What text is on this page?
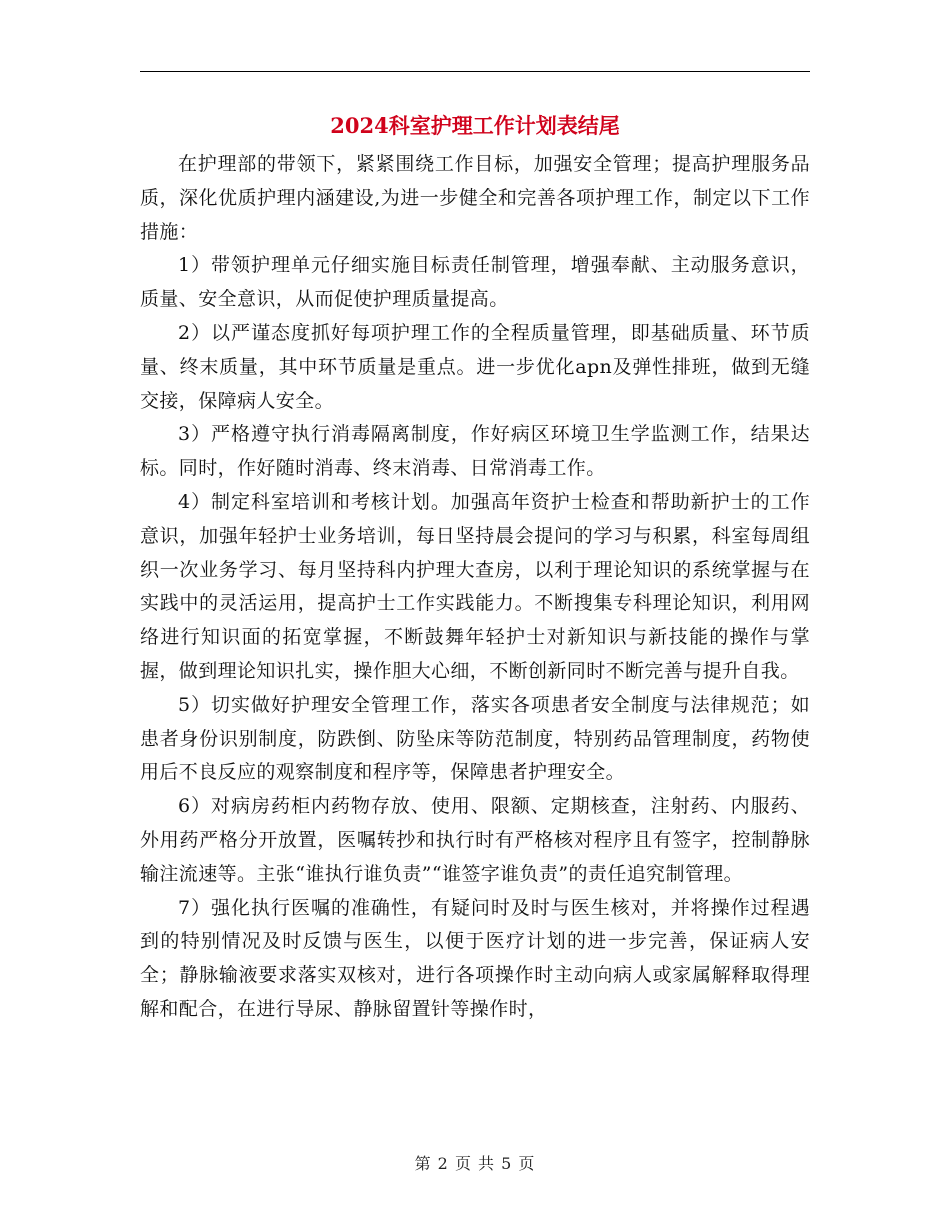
2024科室护理工作计划表结尾

在护理部的带领下，紧紧围绕工作目标，加强安全管理；提高护理服务品质，深化优质护理内涵建设,为进一步健全和完善各项护理工作，制定以下工作措施：

1）带领护理单元仔细实施目标责任制管理，增强奉献、主动服务意识，质量、安全意识，从而促使护理质量提高。

2）以严谨态度抓好每项护理工作的全程质量管理，即基础质量、环节质量、终末质量，其中环节质量是重点。进一步优化apn及弹性排班，做到无缝交接，保障病人安全。

3）严格遵守执行消毒隔离制度，作好病区环境卫生学监测工作，结果达标。同时，作好随时消毒、终末消毒、日常消毒工作。

4）制定科室培训和考核计划。加强高年资护士检查和帮助新护士的工作意识，加强年轻护士业务培训，每日坚持晨会提问的学习与积累，科室每周组织一次业务学习、每月坚持科内护理大查房，以利于理论知识的系统掌握与在实践中的灵活运用，提高护士工作实践能力。不断搜集专科理论知识，利用网络进行知识面的拓宽掌握，不断鼓舞年轻护士对新知识与新技能的操作与掌握，做到理论知识扎实，操作胆大心细，不断创新同时不断完善与提升自我。

5）切实做好护理安全管理工作，落实各项患者安全制度与法律规范；如患者身份识别制度，防跌倒、防坠床等防范制度，特别药品管理制度，药物使用后不良反应的观察制度和程序等，保障患者护理安全。

6）对病房药柜内药物存放、使用、限额、定期核查，注射药、内服药、外用药严格分开放置，医嘱转抄和执行时有严格核对程序且有签字，控制静脉输注流速等。主张“谁执行谁负责”“谁签字谁负责”的责任追究制管理。

7）强化执行医嘱的准确性，有疑问时及时与医生核对，并将操作过程遇到的特别情况及时反馈与医生，以便于医疗计划的进一步完善，保证病人安全；静脉输液要求落实双核对，进行各项操作时主动向病人或家属解释取得理解和配合，在进行导尿、静脉留置针等操作时，

第 2 页 共 5 页
